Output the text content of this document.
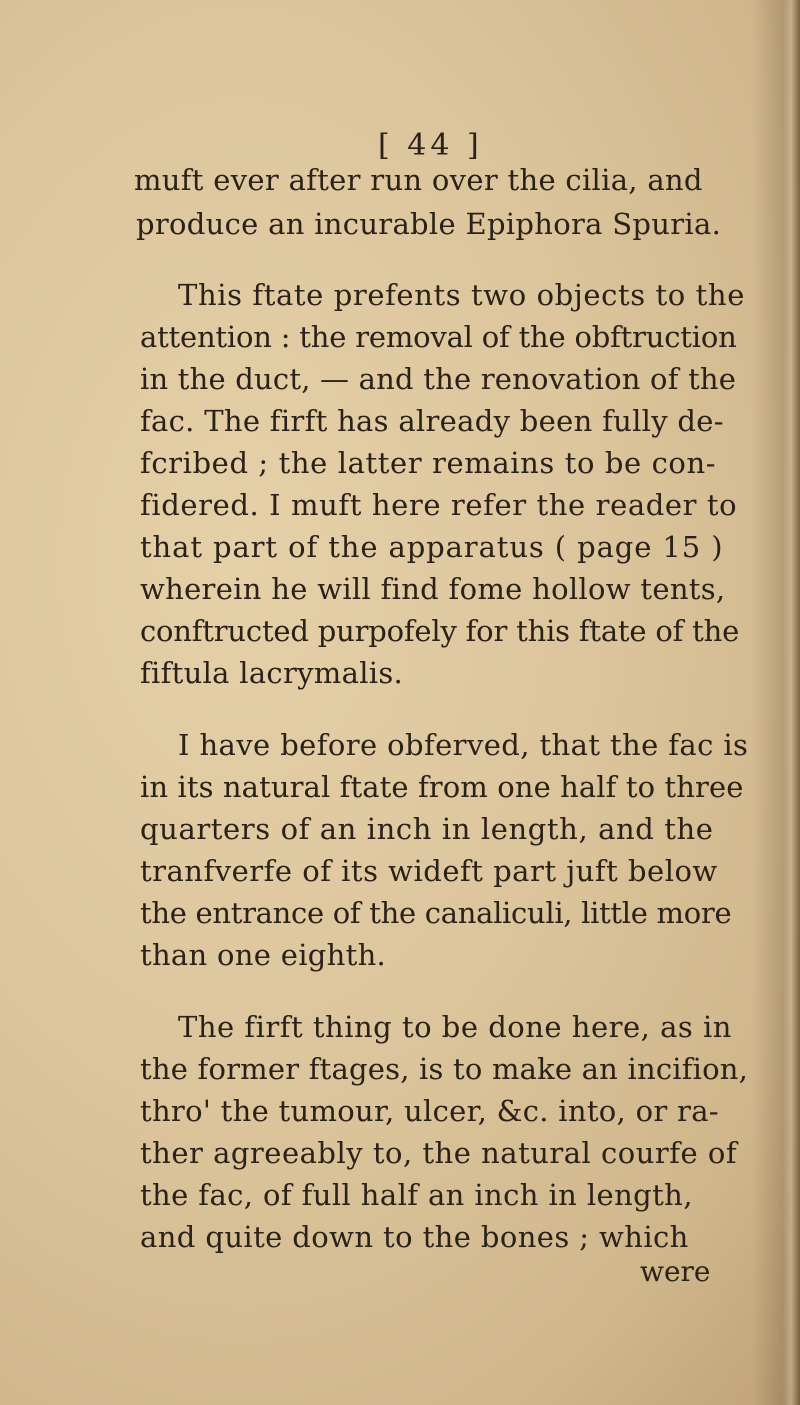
[ 44 ]
muft ever after run over the cilia, and
produce an incurable Epiphora Spuria.
This ftate prefents two objects to the
attention : the removal of the obftruction
in the duct, — and the renovation of the
fac. The firft has already been fully de-
fcribed ; the latter remains to be con-
fidered. I muft here refer the reader to
that part of the apparatus ( page 15 )
wherein he will find fome hollow tents,
conftructed purpofely for this ftate of the
fiftula lacrymalis.
I have before obferved, that the fac is
in its natural ftate from one half to three
quarters of an inch in length, and the
tranfverfe of its wideft part juft below
the entrance of the canaliculi, little more
than one eighth.
The firft thing to be done here, as in
the former ftages, is to make an incifion,
thro' the tumour, ulcer, &c. into, or ra-
ther agreeably to, the natural courfe of
the fac, of full half an inch in length,
and quite down to the bones ; which
were
